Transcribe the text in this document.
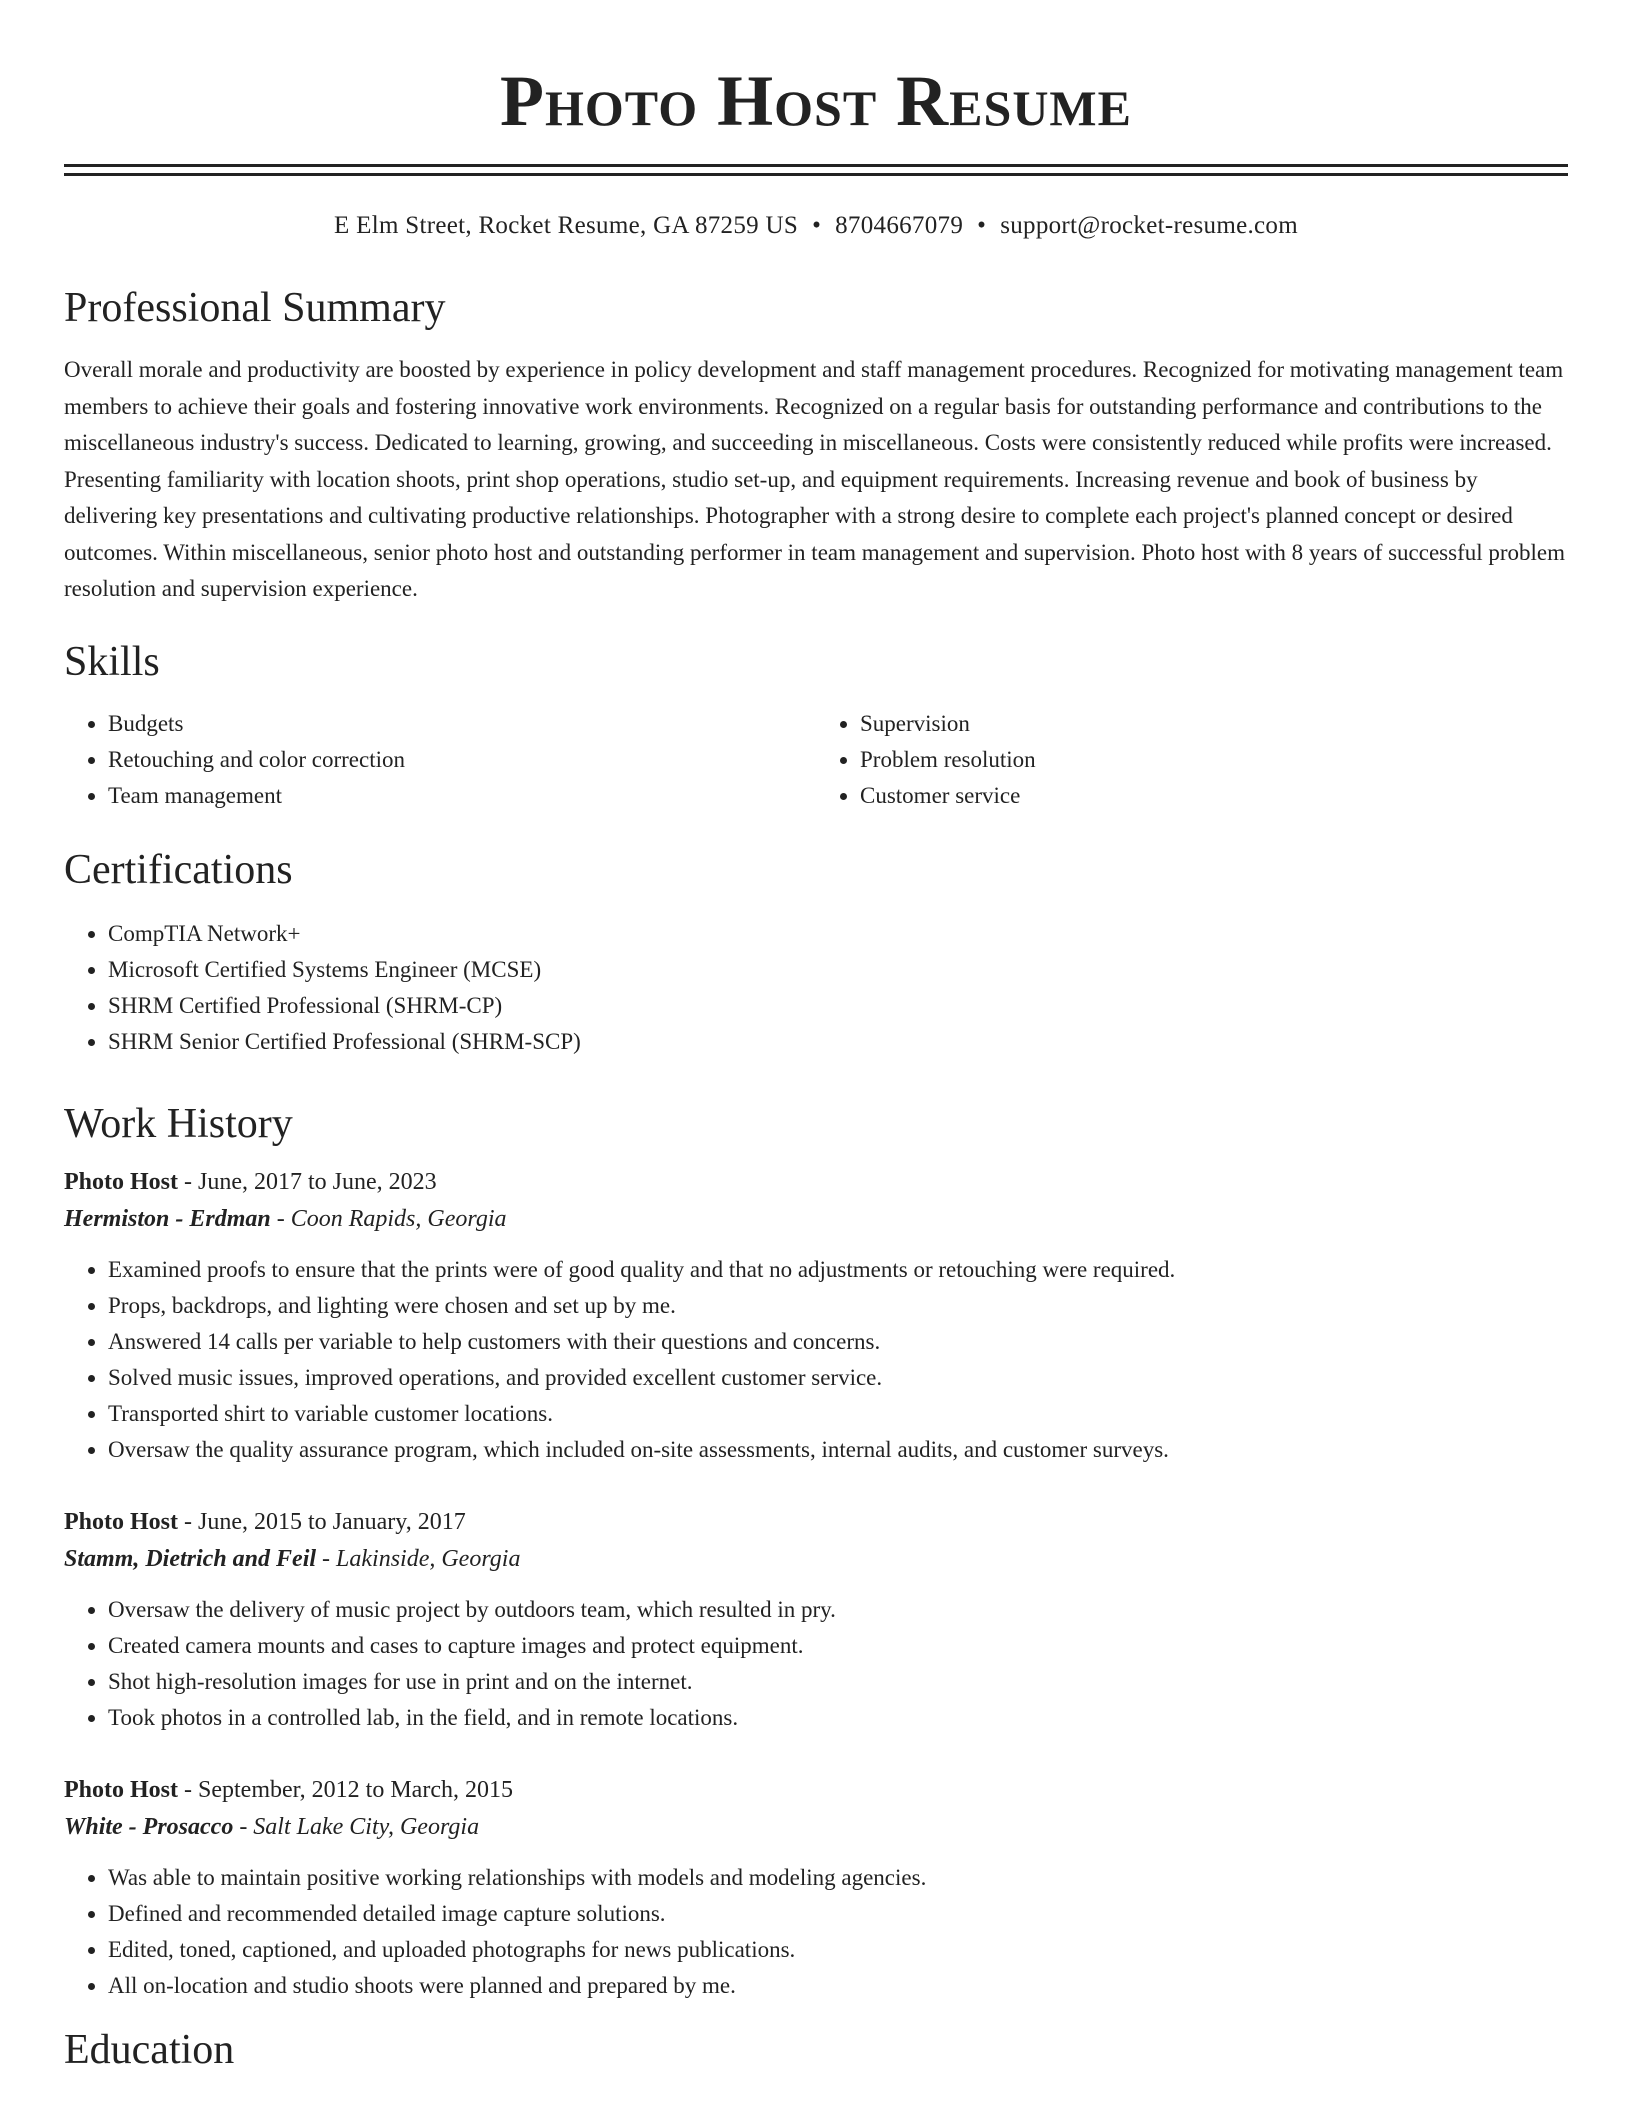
Photo Host Resume
E Elm Street, Rocket Resume, GA 87259 US • 8704667079 • support@rocket-resume.com
Professional Summary

Overall morale and productivity are boosted by experience in policy development and staff management procedures. Recognized for motivating management team members to achieve their goals and fostering innovative work environments. Recognized on a regular basis for outstanding performance and contributions to the miscellaneous industry's success. Dedicated to learning, growing, and succeeding in miscellaneous. Costs were consistently reduced while profits were increased. Presenting familiarity with location shoots, print shop operations, studio set-up, and equipment requirements. Increasing revenue and book of business by delivering key presentations and cultivating productive relationships. Photographer with a strong desire to complete each project's planned concept or desired outcomes. Within miscellaneous, senior photo host and outstanding performer in team management and supervision. Photo host with 8 years of successful problem resolution and supervision experience.

Skills
• Budgets
• Retouching and color correction
• Team management
• Supervision
• Problem resolution
• Customer service
Certifications
• CompTIA Network+
• Microsoft Certified Systems Engineer (MCSE)
• SHRM Certified Professional (SHRM-CP)
• SHRM Senior Certified Professional (SHRM-SCP)
Work History
Photo Host - June, 2017 to June, 2023
Hermiston - Erdman - Coon Rapids, Georgia
• Examined proofs to ensure that the prints were of good quality and that no adjustments or retouching were required.
• Props, backdrops, and lighting were chosen and set up by me.
• Answered 14 calls per variable to help customers with their questions and concerns.
• Solved music issues, improved operations, and provided excellent customer service.
• Transported shirt to variable customer locations.
• Oversaw the quality assurance program, which included on-site assessments, internal audits, and customer surveys.
Photo Host - June, 2015 to January, 2017
Stamm, Dietrich and Feil - Lakinside, Georgia
• Oversaw the delivery of music project by outdoors team, which resulted in pry.
• Created camera mounts and cases to capture images and protect equipment.
• Shot high-resolution images for use in print and on the internet.
• Took photos in a controlled lab, in the field, and in remote locations.
Photo Host - September, 2012 to March, 2015
White - Prosacco - Salt Lake City, Georgia
• Was able to maintain positive working relationships with models and modeling agencies.
• Defined and recommended detailed image capture solutions.
• Edited, toned, captioned, and uploaded photographs for news publications.
• All on-location and studio shoots were planned and prepared by me.
Education
